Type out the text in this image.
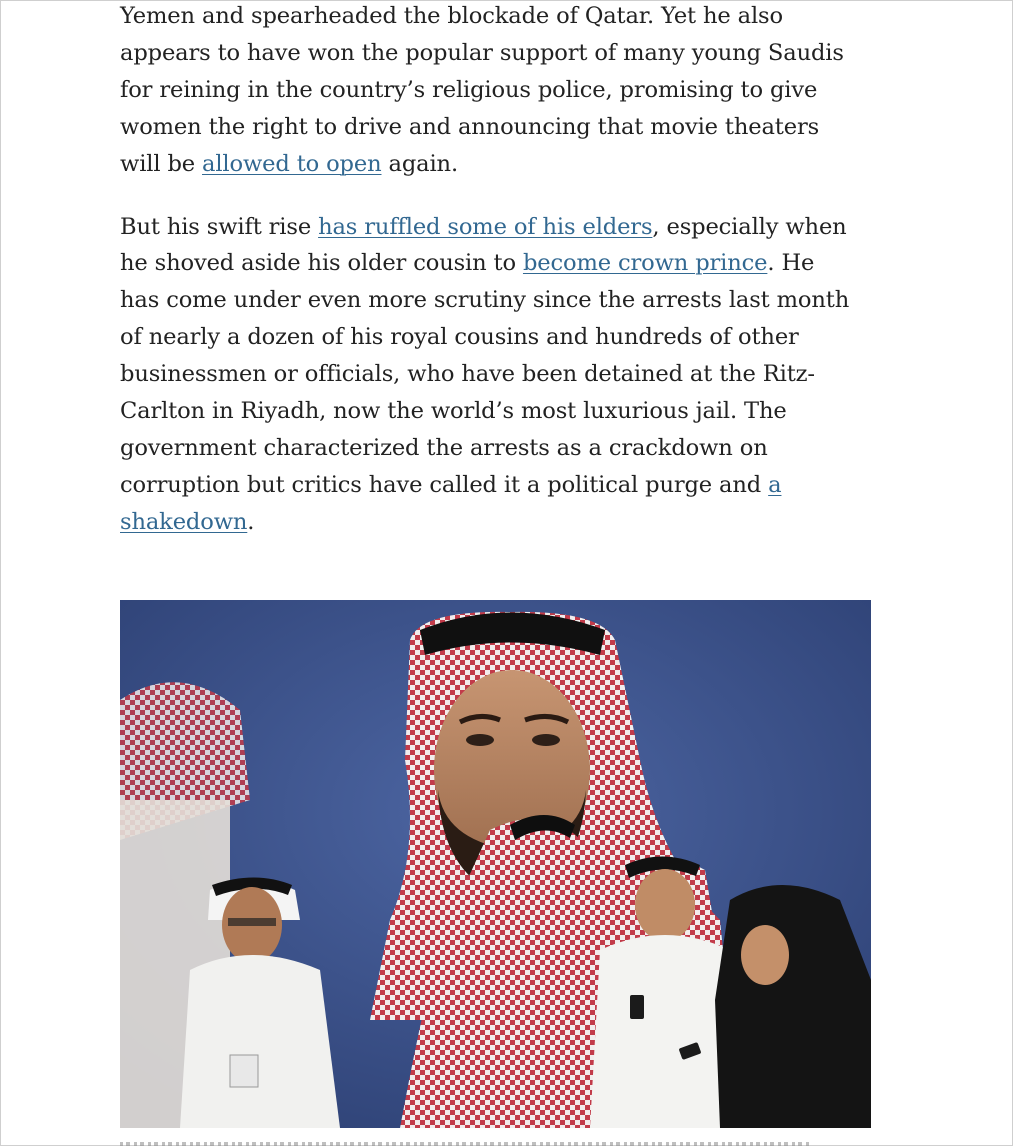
Yemen and spearheaded the blockade of Qatar. Yet he also
appears to have won the popular support of many young Saudis
for reining in the country’s religious police, promising to give
women the right to drive and announcing that movie theaters
will be allowed to open again.

But his swift rise has ruffled some of his elders, especially when
he shoved aside his older cousin to become crown prince. He
has come under even more scrutiny since the arrests last month
of nearly a dozen of his royal cousins and hundreds of other
businessmen or officials, who have been detained at the Ritz-
Carlton in Riyadh, now the world’s most luxurious jail. The
government characterized the arrests as a crackdown on
corruption but critics have called it a political purge and a
shakedown.
